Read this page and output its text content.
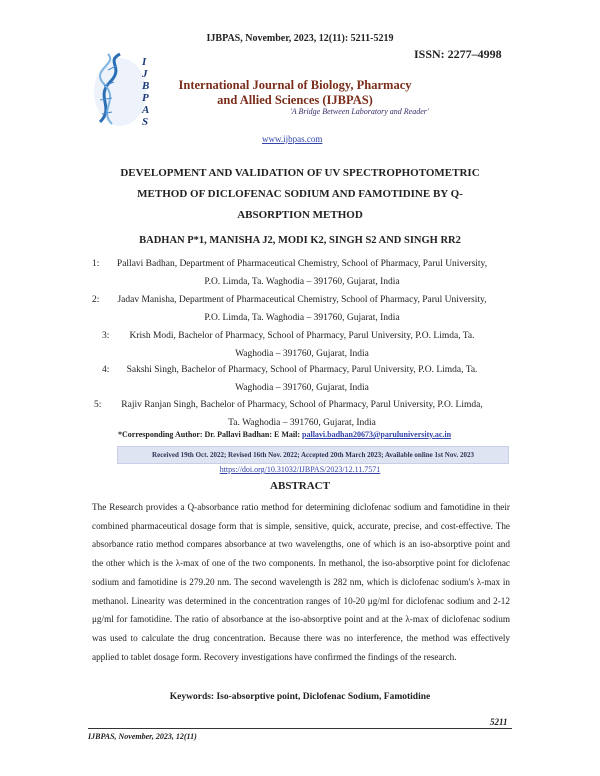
IJBPAS, November, 2023, 12(11): 5211-5219
ISSN: 2277–4998
I
J
B
P
A
S
International Journal of Biology, Pharmacy
and Allied Sciences (IJBPAS)
'A Bridge Between Laboratory and Reader'
www.ijbpas.com
DEVELOPMENT AND VALIDATION OF UV SPECTROPHOTOMETRIC
METHOD OF DICLOFENAC SODIUM AND FAMOTIDINE BY Q-
ABSORPTION METHOD
BADHAN P*1, MANISHA J2, MODI K2, SINGH S2 AND SINGH RR2
1:	Pallavi Badhan, Department of Pharmaceutical Chemistry, School of Pharmacy, Parul University,
P.O. Limda, Ta. Waghodia – 391760, Gujarat, India
2:	Jadav Manisha, Department of Pharmaceutical Chemistry, School of Pharmacy, Parul University,
P.O. Limda, Ta. Waghodia – 391760, Gujarat, India
3:	Krish Modi, Bachelor of Pharmacy, School of Pharmacy, Parul University, P.O. Limda, Ta.
Waghodia – 391760, Gujarat, India
4:	Sakshi Singh, Bachelor of Pharmacy, School of Pharmacy, Parul University, P.O. Limda, Ta.
Waghodia – 391760, Gujarat, India
5:	Rajiv Ranjan Singh, Bachelor of Pharmacy, School of Pharmacy, Parul University, P.O. Limda,
Ta. Waghodia – 391760, Gujarat, India
*Corresponding Author: Dr. Pallavi Badhan: E Mail: pallavi.badhan20673@paruluniversity.ac.in
Received 19th Oct. 2022; Revised 16th Nov. 2022; Accepted 20th March 2023; Available online 1st Nov. 2023
https://doi.org/10.31032/IJBPAS/2023/12.11.7571
ABSTRACT
The Research provides a Q-absorbance ratio method for determining diclofenac sodium and famotidine in their combined pharmaceutical dosage form that is simple, sensitive, quick, accurate, precise, and cost-effective. The absorbance ratio method compares absorbance at two wavelengths, one of which is an iso-absorptive point and the other which is the λ-max of one of the two components. In methanol, the iso-absorptive point for diclofenac sodium and famotidine is 279.20 nm. The second wavelength is 282 nm, which is diclofenac sodium's λ-max in methanol. Linearity was determined in the concentration ranges of 10-20 μg/ml for diclofenac sodium and 2-12 μg/ml for famotidine. The ratio of absorbance at the iso-absorptive point and at the λ-max of diclofenac sodium was used to calculate the drug concentration. Because there was no interference, the method was effectively applied to tablet dosage form. Recovery investigations have confirmed the findings of the research.
Keywords: Iso-absorptive point, Diclofenac Sodium, Famotidine
5211
IJBPAS, November, 2023, 12(11)
